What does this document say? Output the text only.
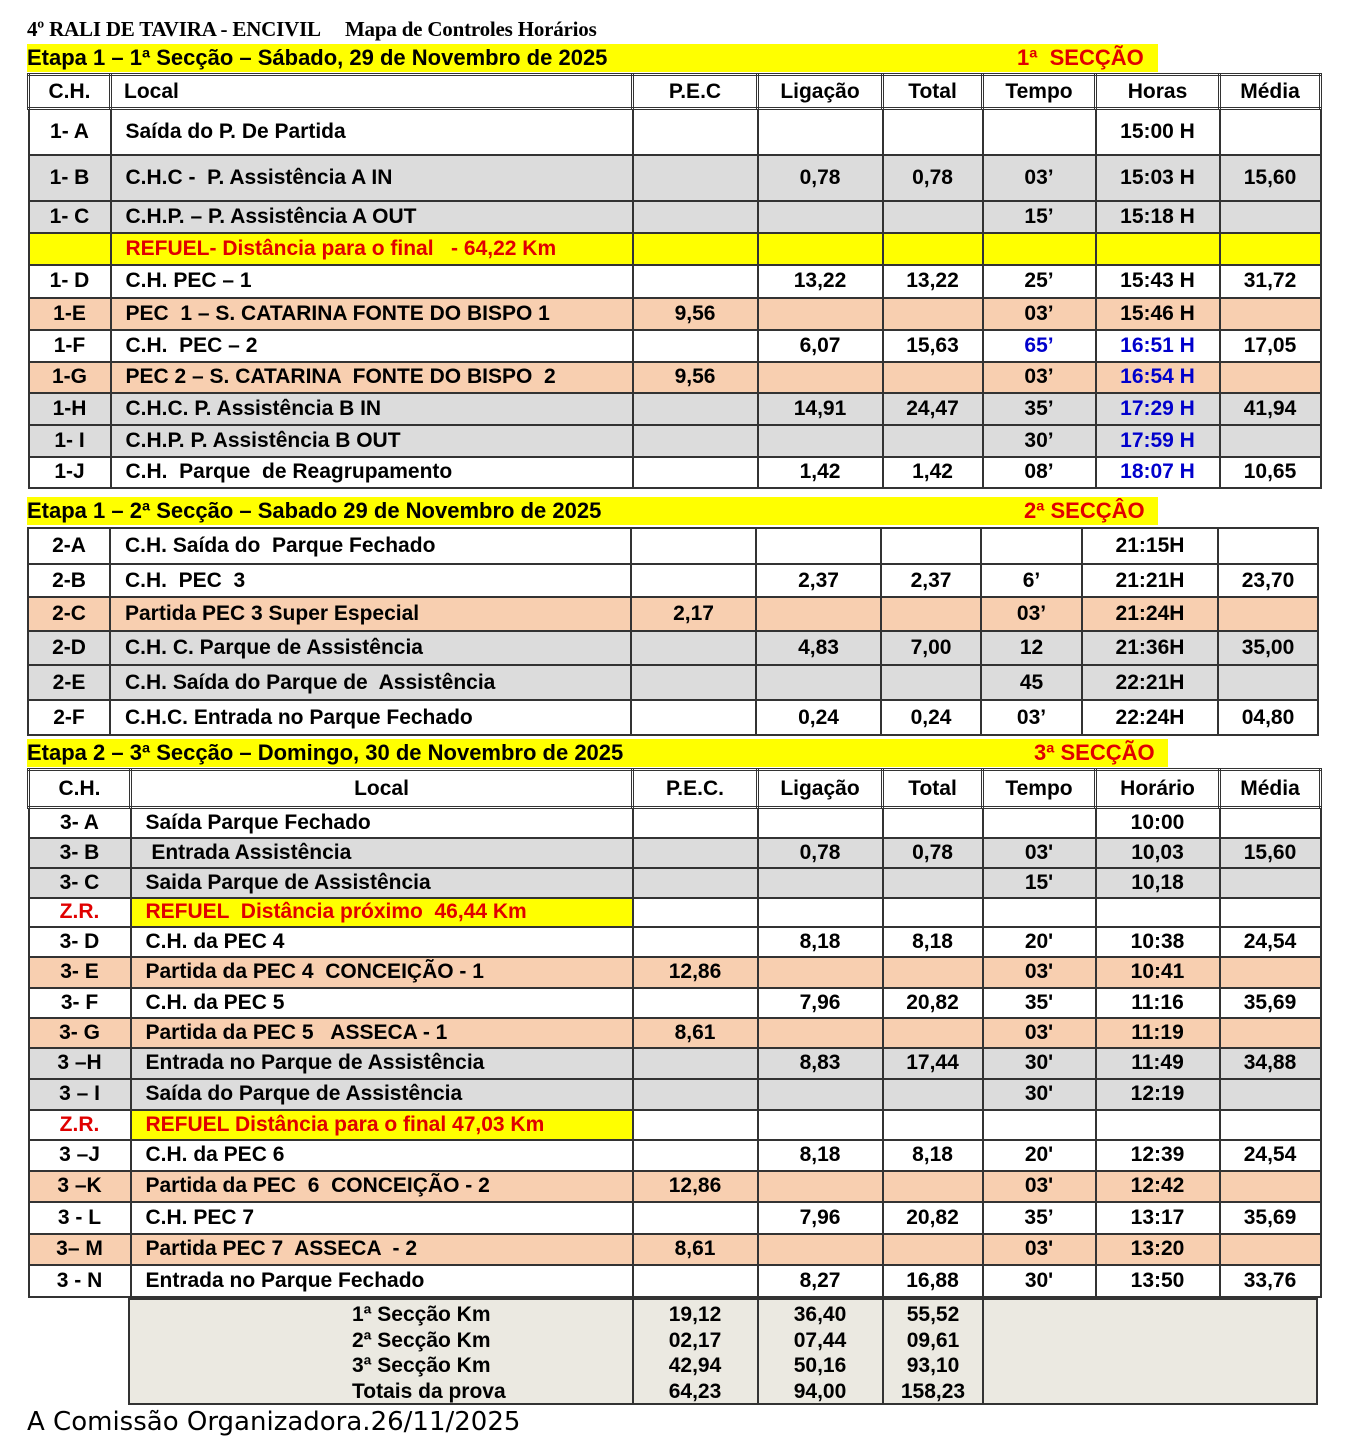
4º RALI DE TAVIRA - ENCIVIL     Mapa de Controles Horários

Etapa 1 – 1ª Secção – Sábado, 29 de Novembro de 2025

	1ª  SECÇÃO

C.H.	Local	P.E.C	Ligação	Total	Tempo	Horas	Média
1- A	Saída do P. De Partida					15:00 H	
1- B	C.H.C -  P. Assistência A IN		0,78	0,78	03’	15:03 H	15,60
1- C	C.H.P. – P. Assistência A OUT				15’	15:18 H	
	REFUEL- Distância para o final   - 64,22 Km						
1- D	C.H. PEC – 1		13,22	13,22	25’	15:43 H	31,72
1-E	PEC  1 – S. CATARINA FONTE DO BISPO 1	9,56			03’	15:46 H	
1-F	C.H.  PEC – 2		6,07	15,63	65’	16:51 H	17,05
1-G	PEC 2 – S. CATARINA  FONTE DO BISPO  2	9,56			03’	16:54 H	
1-H	C.H.C. P. Assistência B IN		14,91	24,47	35’	17:29 H	41,94
1- I	C.H.P. P. Assistência B OUT				30’	17:59 H	
1-J	C.H.  Parque  de Reagrupamento		1,42	1,42	08’	18:07 H	10,65

Etapa 1 – 2ª Secção – Sabado 29 de Novembro de 2025

	2ª SECÇÂO

2-A	C.H. Saída do  Parque Fechado					21:15H	
2-B	C.H.  PEC  3		2,37	2,37	6’	21:21H	23,70
2-C	Partida PEC 3 Super Especial	2,17			03’	21:24H	
2-D	C.H. C. Parque de Assistência		4,83	7,00	12	21:36H	35,00
2-E	C.H. Saída do Parque de  Assistência				45	22:21H	
2-F	C.H.C. Entrada no Parque Fechado		0,24	0,24	03’	22:24H	04,80

Etapa 2 – 3ª Secção – Domingo, 30 de Novembro de 2025

	3ª SECÇÃO

C.H.	Local	P.E.C.	Ligação	Total	Tempo	Horário	Média
3- A	Saída Parque Fechado					10:00	
3- B	Entrada Assistência		0,78	0,78	03'	10,03	15,60
3- C	Saida Parque de Assistência				15'	10,18	
Z.R.	REFUEL  Distância próximo  46,44 Km						
3- D	C.H. da PEC 4		8,18	8,18	20'	10:38	24,54
3- E	Partida da PEC 4  CONCEIÇÃO - 1	12,86			03'	10:41	
3- F	C.H. da PEC 5		7,96	20,82	35'	11:16	35,69
3- G	Partida da PEC 5   ASSECA - 1	8,61			03'	11:19	
3 –H	Entrada no Parque de Assistência		8,83	17,44	30'	11:49	34,88
3 – I	Saída do Parque de Assistência				30'	12:19	
Z.R.	REFUEL Distância para o final 47,03 Km						
3 –J	C.H. da PEC 6		8,18	8,18	20'	12:39	24,54
3 –K	Partida da PEC  6  CONCEIÇÃO - 2	12,86			03'	12:42	
3 - L	C.H. PEC 7		7,96	20,82	35’	13:17	35,69
3– M	Partida PEC 7  ASSECA  - 2	8,61			03'	13:20	
3 - N	Entrada no Parque Fechado		8,27	16,88	30'	13:50	33,76
1ª Secção Km	19,12	36,40	55,52
2ª Secção Km	02,17	07,44	09,61
3ª Secção Km	42,94	50,16	93,10
Totais da prova	64,23	94,00	158,23
A Comissão Organizadora.26/11/2025
